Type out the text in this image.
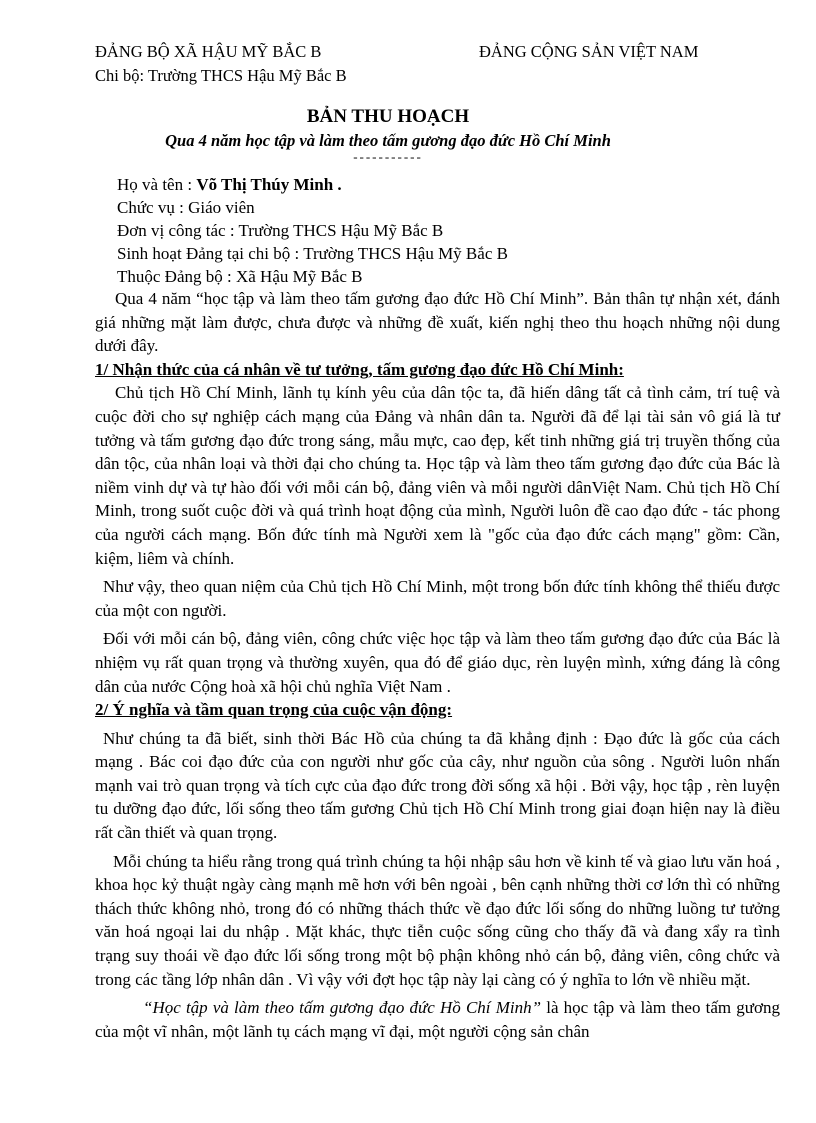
ĐẢNG BỘ XÃ HẬU MỸ BẮC B
Chi bộ: Trường THCS Hậu Mỹ Bắc B
ĐẢNG CỘNG SẢN VIỆT NAM
BẢN THU HOẠCH
Qua 4 năm học tập và làm theo tấm gương đạo đức Hồ Chí Minh
-----------
Họ và tên : Võ Thị Thúy Minh .
Chức vụ : Giáo viên
Đơn vị công tác : Trường THCS Hậu Mỹ Bắc B
Sinh hoạt Đảng tại chi bộ : Trường THCS Hậu Mỹ Bắc B
Thuộc Đảng bộ : Xã Hậu Mỹ Bắc B

Qua 4 năm “học tập và làm theo tấm gương đạo đức Hồ Chí Minh”. Bản thân tự nhận xét, đánh giá những mặt làm được, chưa được và những đề xuất, kiến nghị theo thu hoạch những nội dung dưới đây.

1/ Nhận thức của cá nhân về tư tưởng, tấm gương đạo đức Hồ Chí Minh:

Chủ tịch Hồ Chí Minh, lãnh tụ kính yêu của dân tộc ta, đã hiến dâng tất cả tình cảm, trí tuệ và cuộc đời cho sự nghiệp cách mạng của Đảng và nhân dân ta. Người đã để lại tài sản vô giá là tư tưởng và tấm gương đạo đức trong sáng, mẫu mực, cao đẹp, kết tinh những giá trị truyền thống của dân tộc, của nhân loại và thời đại cho chúng ta. Học tập và làm theo tấm gương đạo đức của Bác là niềm vinh dự và tự hào đối với mỗi cán bộ, đảng viên và mỗi người dânViệt Nam. Chủ tịch Hồ Chí Minh, trong suốt cuộc đời và quá trình hoạt động của mình, Người luôn đề cao đạo đức - tác phong của người cách mạng. Bốn đức tính mà Người xem là "gốc của đạo đức cách mạng" gồm: Cần, kiệm, liêm và chính.

Như vậy, theo quan niệm của Chủ tịch Hồ Chí Minh, một trong bốn đức tính không thể thiếu được của một con người.

Đối với mỗi cán bộ, đảng viên, công chức việc học tập và làm theo tấm gương đạo đức của Bác là nhiệm vụ rất quan trọng và thường xuyên, qua đó để giáo dục, rèn luyện mình, xứng đáng là công dân của nước Cộng hoà xã hội chủ nghĩa Việt Nam .

2/ Ý nghĩa và tầm quan trọng của cuộc vận động:

Như chúng ta đã biết, sinh thời Bác Hồ của chúng ta đã khẳng định : Đạo đức là gốc của cách mạng . Bác coi đạo đức của con người như gốc của cây, như nguồn của sông . Người luôn nhấn mạnh vai trò quan trọng và tích cực của đạo đức trong đời sống xã hội . Bởi vậy, học tập , rèn luyện tu dưỡng đạo đức, lối sống theo tấm gương Chủ tịch Hồ Chí Minh trong giai đoạn hiện nay là điều rất cần thiết và quan trọng.

Mỗi chúng ta hiểu rằng trong quá trình chúng ta hội nhập sâu hơn về kinh tế và giao lưu văn hoá , khoa học kỷ thuật ngày càng mạnh mẽ hơn với bên ngoài , bên cạnh những thời cơ lớn thì có những thách thức không nhỏ, trong đó có những thách thức về đạo đức lối sống do những luồng tư tưởng văn hoá ngoại lai du nhập . Mặt khác, thực tiễn cuộc sống cũng cho thấy đã và đang xẩy ra tình trạng suy thoái về đạo đức lối sống trong một bộ phận không nhỏ cán bộ, đảng viên, công chức và trong các tầng lớp nhân dân . Vì vậy với đợt học tập này lại càng có ý nghĩa to lớn về nhiều mặt.

“Học tập và làm theo tấm gương đạo đức Hồ Chí Minh” là học tập và làm theo tấm gương của một vĩ nhân, một lãnh tụ cách mạng vĩ đại, một người cộng sản chân
